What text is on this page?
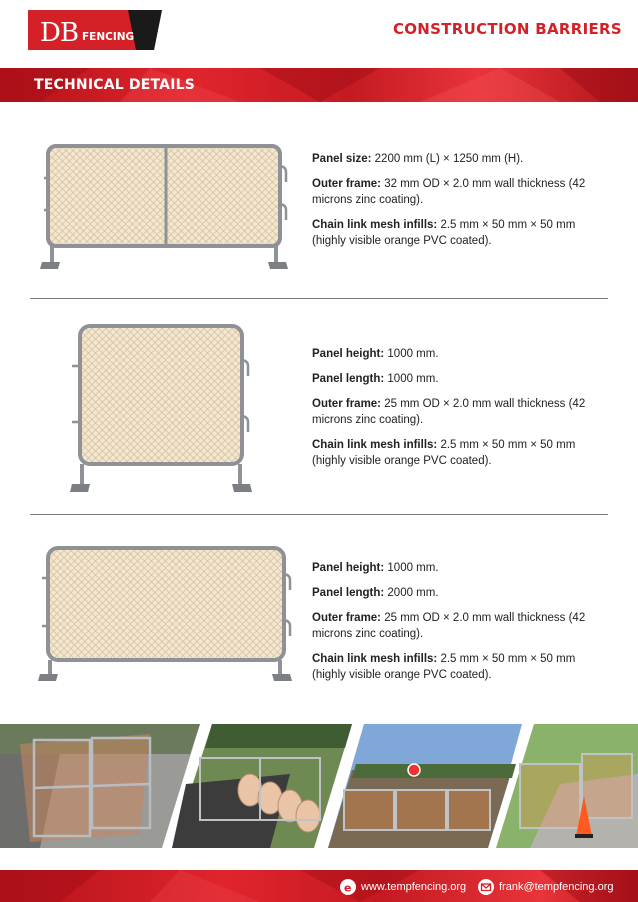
D B FENCING	CONSTRUCTION BARRIERS
TECHNICAL DETAILS

Panel size: 2200 mm (L) × 1250 mm (H).

Outer frame: 32 mm OD × 2.0 mm wall thickness (42 microns zinc coating).

Chain link mesh infills: 2.5 mm × 50 mm × 50 mm (highly visible orange PVC coated).

Panel height: 1000 mm.

Panel length: 1000 mm.

Outer frame: 25 mm OD × 2.0 mm wall thickness (42 microns zinc coating).

Chain link mesh infills: 2.5 mm × 50 mm × 50 mm (highly visible orange PVC coated).

Panel height: 1000 mm.

Panel length: 2000 mm.

Outer frame: 25 mm OD × 2.0 mm wall thickness (42 microns zinc coating).

Chain link mesh infills: 2.5 mm × 50 mm × 50 mm (highly visible orange PVC coated).

e www.tempfencing.org	frank@tempfencing.org
